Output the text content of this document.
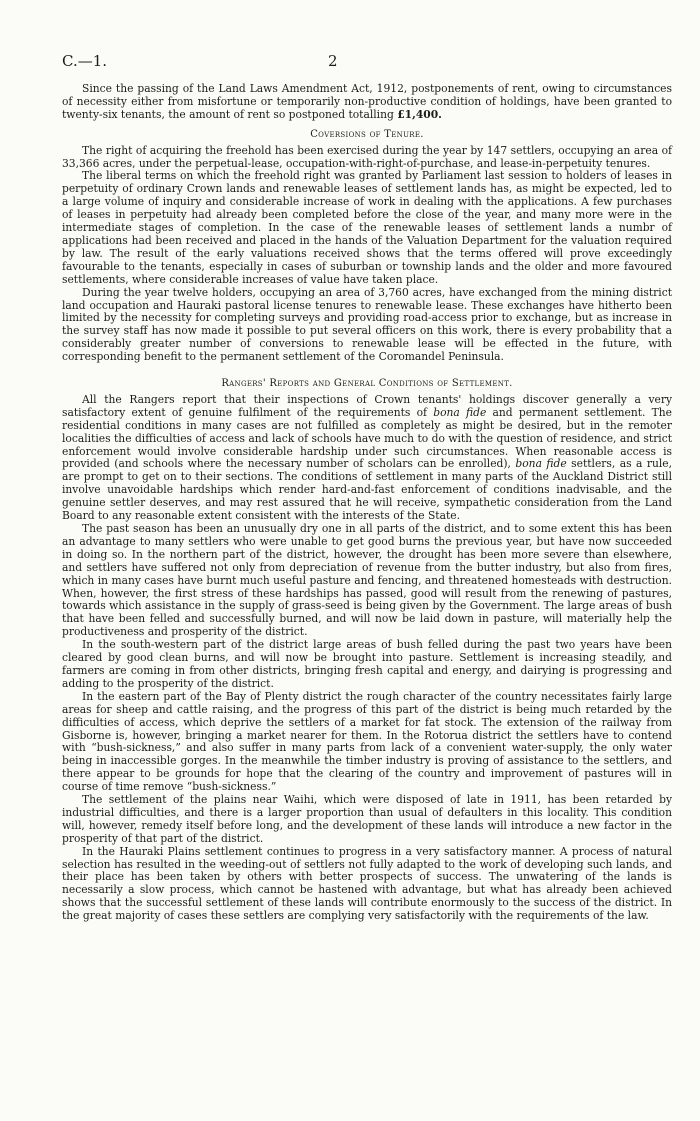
C.—1.	2

Since the passing of the Land Laws Amendment Act, 1912, postponements of rent, owing to circumstances of necessity either from misfortune or temporarily non-productive condition of holdings, have been granted to twenty-six tenants, the amount of rent so postponed totalling £1,400.

Coversions of Tenure.

The right of acquiring the freehold has been exercised during the year by 147 settlers, occupying an area of 33,366 acres, under the perpetual-lease, occupation-with-right-of-purchase, and lease-in-perpetuity tenures.

The liberal terms on which the freehold right was granted by Parliament last session to holders of leases in perpetuity of ordinary Crown lands and renewable leases of settlement lands has, as might be expected, led to a large volume of inquiry and considerable increase of work in dealing with the applications. A few purchases of leases in perpetuity had already been completed before the close of the year, and many more were in the intermediate stages of completion. In the case of the renewable leases of settlement lands a numbr of applications had been received and placed in the hands of the Valuation Department for the valuation required by law. The result of the early valuations received shows that the terms offered will prove exceedingly favourable to the tenants, especially in cases of suburban or township lands and the older and more favoured settlements, where considerable increases of value have taken place.

During the year twelve holders, occupying an area of 3,760 acres, have exchanged from the mining district land occupation and Hauraki pastoral license tenures to renewable lease. These exchanges have hitherto been limited by the necessity for completing surveys and providing road-access prior to exchange, but as increase in the survey staff has now made it possible to put several officers on this work, there is every probability that a considerably greater number of conversions to renewable lease will be effected in the future, with corresponding benefit to the permanent settlement of the Coromandel Peninsula.

Rangers' Reports and General Conditions of Settlement.

All the Rangers report that their inspections of Crown tenants' holdings discover generally a very satisfactory extent of genuine fulfilment of the requirements of bona fide and permanent settlement. The residential conditions in many cases are not fulfilled as completely as might be desired, but in the remoter localities the difficulties of access and lack of schools have much to do with the question of residence, and strict enforcement would involve considerable hardship under such circumstances. When reasonable access is provided (and schools where the necessary number of scholars can be enrolled), bona fide settlers, as a rule, are prompt to get on to their sections. The conditions of settlement in many parts of the Auckland District still involve unavoidable hardships which render hard-and-fast enforcement of conditions inadvisable, and the genuine settler deserves, and may rest assured that he will receive, sympathetic consideration from the Land Board to any reasonable extent consistent with the interests of the State.

The past season has been an unusually dry one in all parts of the district, and to some extent this has been an advantage to many settlers who were unable to get good burns the previous year, but have now succeeded in doing so. In the northern part of the district, however, the drought has been more severe than elsewhere, and settlers have suffered not only from depreciation of revenue from the butter industry, but also from fires, which in many cases have burnt much useful pasture and fencing, and threatened homesteads with destruction. When, however, the first stress of these hardships has passed, good will result from the renewing of pastures, towards which assistance in the supply of grass-seed is being given by the Government. The large areas of bush that have been felled and successfully burned, and will now be laid down in pasture, will materially help the productiveness and prosperity of the district.

In the south-western part of the district large areas of bush felled during the past two years have been cleared by good clean burns, and will now be brought into pasture. Settlement is increasing steadily, and farmers are coming in from other districts, bringing fresh capital and energy, and dairying is progressing and adding to the prosperity of the district.

In the eastern part of the Bay of Plenty district the rough character of the country necessitates fairly large areas for sheep and cattle raising, and the progress of this part of the district is being much retarded by the difficulties of access, which deprive the settlers of a market for fat stock. The extension of the railway from Gisborne is, however, bringing a market nearer for them. In the Rotorua district the settlers have to contend with “bush-sickness,” and also suffer in many parts from lack of a convenient water-supply, the only water being in inaccessible gorges. In the meanwhile the timber industry is proving of assistance to the settlers, and there appear to be grounds for hope that the clearing of the country and improvement of pastures will in course of time remove “bush-sickness.”

The settlement of the plains near Waihi, which were disposed of late in 1911, has been retarded by industrial difficulties, and there is a larger proportion than usual of defaulters in this locality. This condition will, however, remedy itself before long, and the development of these lands will introduce a new factor in the prosperity of that part of the district.

In the Hauraki Plains settlement continues to progress in a very satisfactory manner. A process of natural selection has resulted in the weeding-out of settlers not fully adapted to the work of developing such lands, and their place has been taken by others with better prospects of success. The unwatering of the lands is necessarily a slow process, which cannot be hastened with advantage, but what has already been achieved shows that the successful settlement of these lands will contribute enormously to the success of the district. In the great majority of cases these settlers are complying very satisfactorily with the requirements of the law.
